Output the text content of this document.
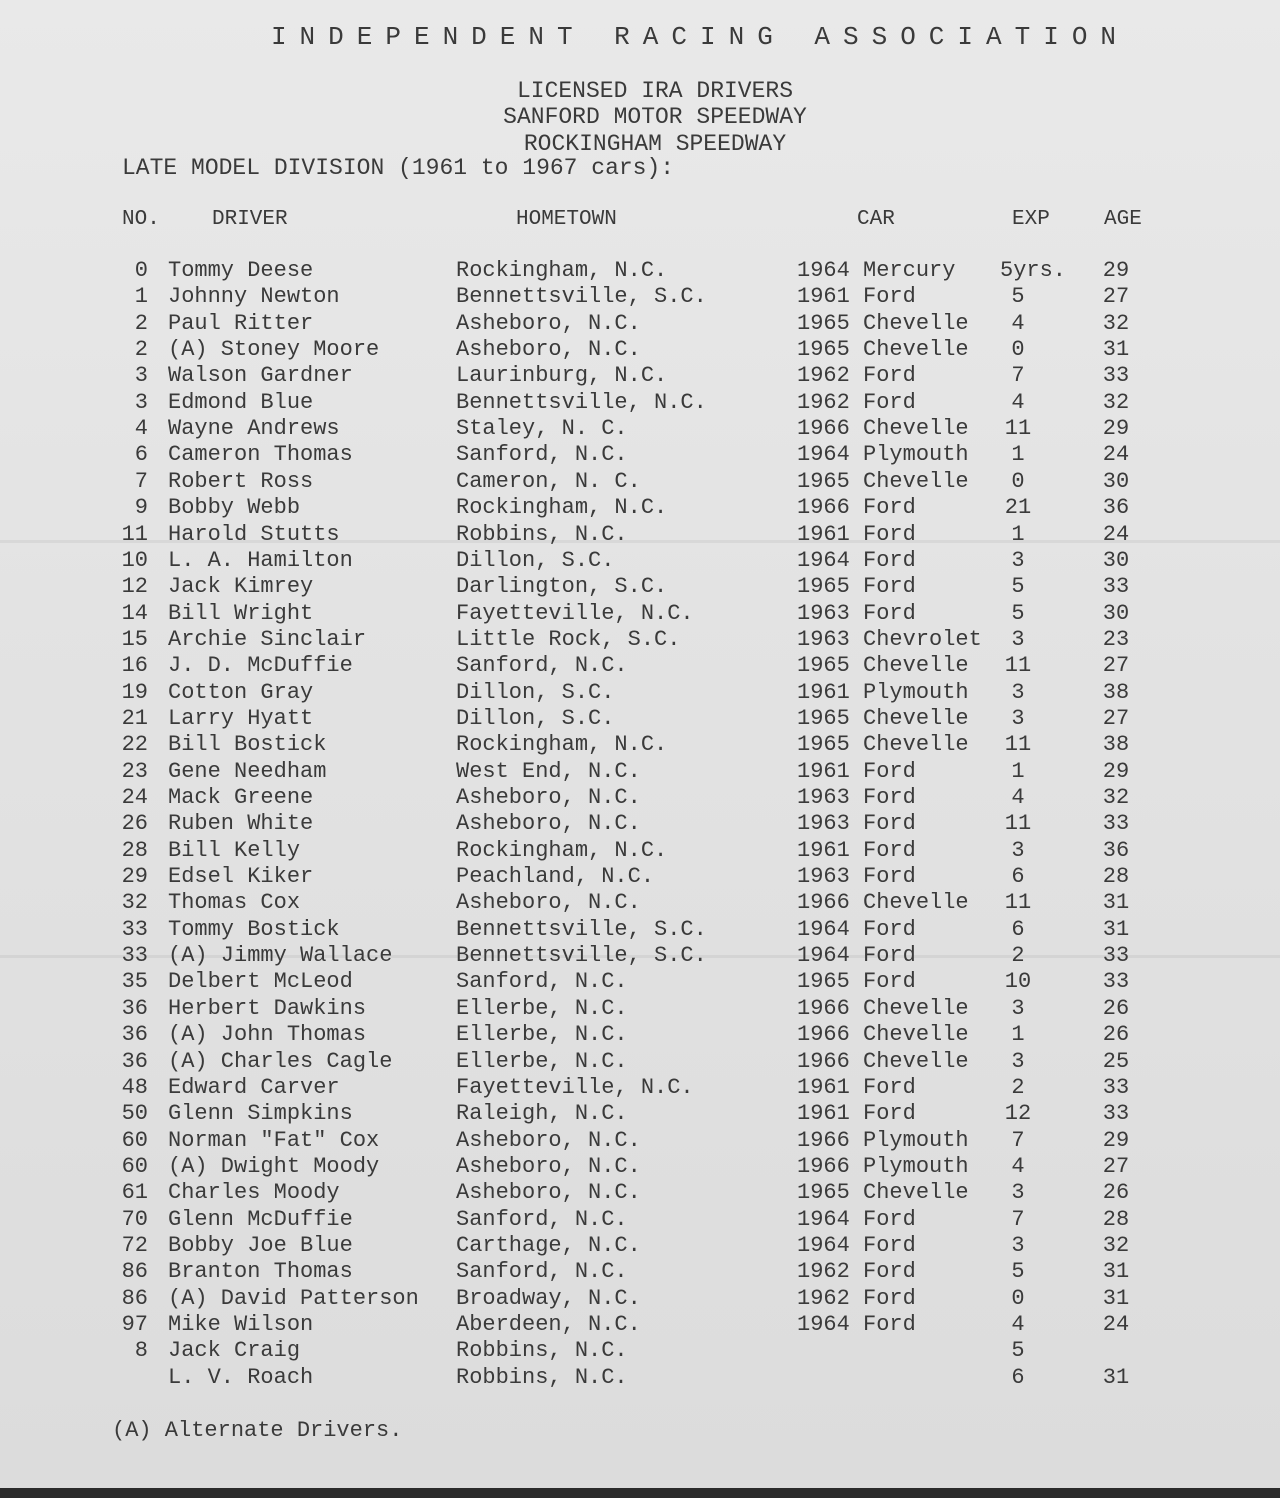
INDEPENDENT RACING ASSOCIATION
LICENSED IRA DRIVERS
SANFORD MOTOR SPEEDWAY
ROCKINGHAM SPEEDWAY
LATE MODEL DIVISION (1961 to 1967 cars):
NO. DRIVER	HOMETOWN	CAR	EXP	AGE
0 Tommy Deese	Rockingham, N.C.	1964 Mercury 5yrs. 29
1 Johnny Newton	Bennettsville, S.C.	1961 Ford	5	27
2 Paul Ritter	Asheboro, N.C.	1965 Chevelle	4	32
2 (A) Stoney Moore	Asheboro, N.C.	1965 Chevelle	0	31
3 Walson Gardner	Laurinburg, N.C.	1962 Ford	7	33
3 Edmond Blue	Bennettsville, N.C.	1962 Ford	4	32
4 Wayne Andrews	Staley, N. C.	1966 Chevelle 11	29
6 Cameron Thomas	Sanford, N.C.	1964 Plymouth	1	24
7 Robert Ross	Cameron, N. C.	1965 Chevelle	0	30
9 Bobby Webb	Rockingham, N.C.	1966 Ford	21	36
11 Harold Stutts	Robbins, N.C.	1961 Ford	1	24
10 L. A. Hamilton	Dillon, S.C.	1964 Ford	3	30
12 Jack Kimrey	Darlington, S.C.	1965 Ford	5	33
14 Bill Wright	Fayetteville, N.C.	1963 Ford	5	30
15 Archie Sinclair	Little Rock, S.C.	1963 Chevrolet	3	23
16 J. D. McDuffie	Sanford, N.C.	1965 Chevelle 11	27
19 Cotton Gray	Dillon, S.C.	1961 Plymouth	3	38
21 Larry Hyatt	Dillon, S.C.	1965 Chevelle	3	27
22 Bill Bostick	Rockingham, N.C.	1965 Chevelle 11	38
23 Gene Needham	West End, N.C.	1961 Ford	1	29
24 Mack Greene	Asheboro, N.C.	1963 Ford	4	32
26 Ruben White	Asheboro, N.C.	1963 Ford	11	33
28 Bill Kelly	Rockingham, N.C.	1961 Ford	3	36
29 Edsel Kiker	Peachland, N.C.	1963 Ford	6	28
32 Thomas Cox	Asheboro, N.C.	1966 Chevelle 11	31
33 Tommy Bostick	Bennettsville, S.C.	1964 Ford	6	31
33 (A) Jimmy Wallace	Bennettsville, S.C.	1964 Ford	2	33
35 Delbert McLeod	Sanford, N.C.	1965 Ford	10	33
36 Herbert Dawkins	Ellerbe, N.C.	1966 Chevelle	3	26
36 (A) John Thomas	Ellerbe, N.C.	1966 Chevelle	1	26
36 (A) Charles Cagle	Ellerbe, N.C.	1966 Chevelle	3	25
48 Edward Carver	Fayetteville, N.C.	1961 Ford	2	33
50 Glenn Simpkins	Raleigh, N.C.	1961 Ford	12	33
60 Norman "Fat" Cox	Asheboro, N.C.	1966 Plymouth	7	29
60 (A) Dwight Moody	Asheboro, N.C.	1966 Plymouth	4	27
61 Charles Moody	Asheboro, N.C.	1965 Chevelle	3	26
70 Glenn McDuffie	Sanford, N.C.	1964 Ford	7	28
72 Bobby Joe Blue	Carthage, N.C.	1964 Ford	3	32
86 Branton Thomas	Sanford, N.C.	1962 Ford	5	31
86 (A) David Patterson Broadway, N.C.	1962 Ford	0	31
97 Mike Wilson	Aberdeen, N.C.	1964 Ford	4	24
8 Jack Craig	Robbins, N.C.	5
L. V. Roach	Robbins, N.C.	6	31
(A) Alternate Drivers.
